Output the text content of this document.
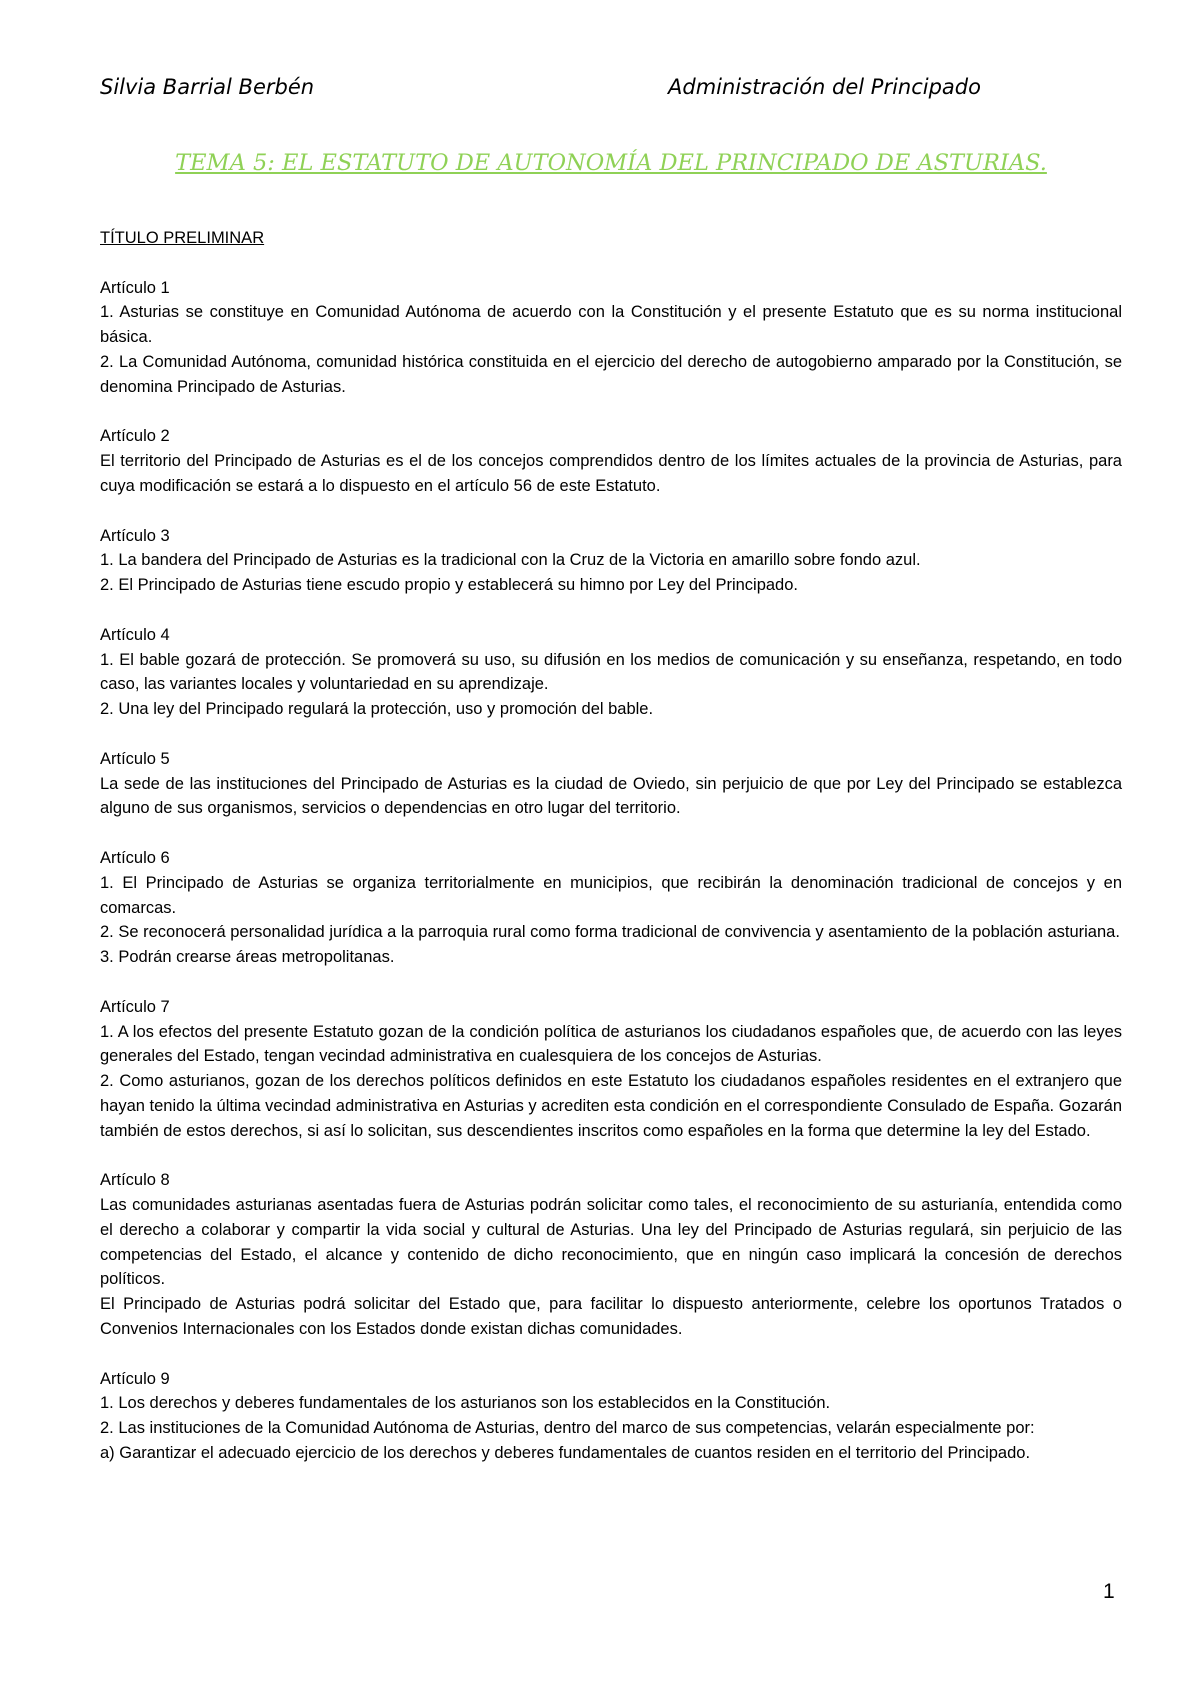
Silvia Barrial Berbén	Administración del Principado
TEMA 5: EL ESTATUTO DE AUTONOMÍA DEL PRINCIPADO DE ASTURIAS.

TÍTULO PRELIMINAR

Artículo 1

1. Asturias se constituye en Comunidad Autónoma de acuerdo con la Constitución y el presente Estatuto que es su norma institucional básica.

2. La Comunidad Autónoma, comunidad histórica constituida en el ejercicio del derecho de autogobierno amparado por la Constitución, se denomina Principado de Asturias.

Artículo 2

El territorio del Principado de Asturias es el de los concejos comprendidos dentro de los límites actuales de la provincia de Asturias, para cuya modificación se estará a lo dispuesto en el artículo 56 de este Estatuto.

Artículo 3

1. La bandera del Principado de Asturias es la tradicional con la Cruz de la Victoria en amarillo sobre fondo azul.

2. El Principado de Asturias tiene escudo propio y establecerá su himno por Ley del Principado.

Artículo 4

1. El bable gozará de protección. Se promoverá su uso, su difusión en los medios de comunicación y su enseñanza, respetando, en todo caso, las variantes locales y voluntariedad en su aprendizaje.

2. Una ley del Principado regulará la protección, uso y promoción del bable.

Artículo 5

La sede de las instituciones del Principado de Asturias es la ciudad de Oviedo, sin perjuicio de que por Ley del Principado se establezca alguno de sus organismos, servicios o dependencias en otro lugar del territorio.

Artículo 6

1. El Principado de Asturias se organiza territorialmente en municipios, que recibirán la denominación tradicional de concejos y en comarcas.

2. Se reconocerá personalidad jurídica a la parroquia rural como forma tradicional de convivencia y asentamiento de la población asturiana.

3. Podrán crearse áreas metropolitanas.

Artículo 7

1. A los efectos del presente Estatuto gozan de la condición política de asturianos los ciudadanos españoles que, de acuerdo con las leyes generales del Estado, tengan vecindad administrativa en cualesquiera de los concejos de Asturias.

2. Como asturianos, gozan de los derechos políticos definidos en este Estatuto los ciudadanos españoles residentes en el extranjero que hayan tenido la última vecindad administrativa en Asturias y acrediten esta condición en el correspondiente Consulado de España. Gozarán también de estos derechos, si así lo solicitan, sus descendientes inscritos como españoles en la forma que determine la ley del Estado.

Artículo 8

Las comunidades asturianas asentadas fuera de Asturias podrán solicitar como tales, el reconocimiento de su asturianía, entendida como el derecho a colaborar y compartir la vida social y cultural de Asturias. Una ley del Principado de Asturias regulará, sin perjuicio de las competencias del Estado, el alcance y contenido de dicho reconocimiento, que en ningún caso implicará la concesión de derechos políticos.

El Principado de Asturias podrá solicitar del Estado que, para facilitar lo dispuesto anteriormente, celebre los oportunos Tratados o Convenios Internacionales con los Estados donde existan dichas comunidades.

Artículo 9

1. Los derechos y deberes fundamentales de los asturianos son los establecidos en la Constitución.

2. Las instituciones de la Comunidad Autónoma de Asturias, dentro del marco de sus competencias, velarán especialmente por:

a) Garantizar el adecuado ejercicio de los derechos y deberes fundamentales de cuantos residen en el territorio del Principado.

1
